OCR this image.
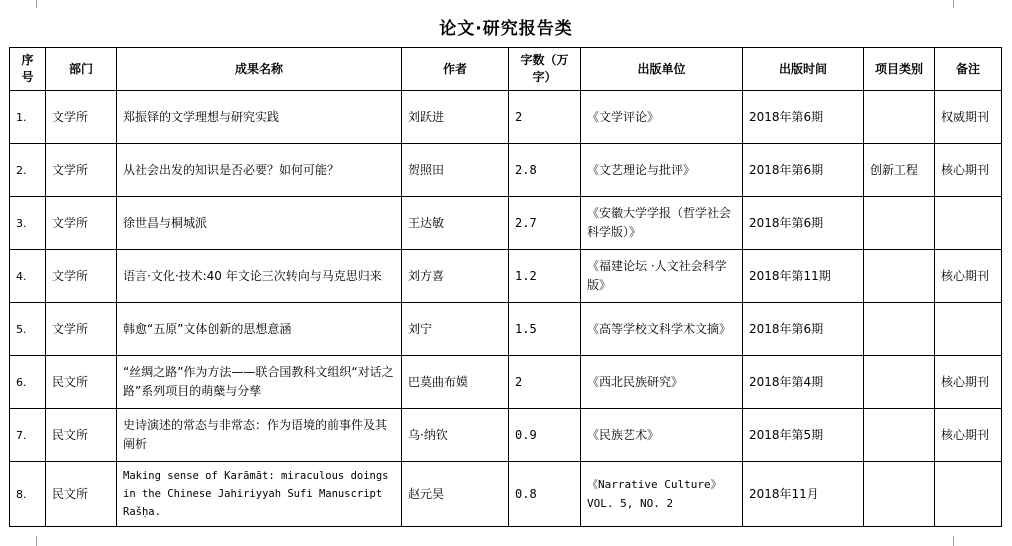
论文·研究报告类
序号	部门	成果名称	作者	字数（万字）	出版单位	出版时间	项目类别	备注
1.	文学所	郑振铎的文学理想与研究实践	刘跃进	2	《文学评论》	2018年第6期		权威期刊
2.	文学所	从社会出发的知识是否必要？如何可能？	贺照田	2.8	《文艺理论与批评》	2018年第6期	创新工程	核心期刊
3.	文学所	徐世昌与桐城派	王达敏	2.7	《安徽大学学报（哲学社会科学版）》	2018年第6期		
4.	文学所	语言·文化·技术:40 年文论三次转向与马克思归来	刘方喜	1.2	《福建论坛 ·人文社会科学版》	2018年第11期		核心期刊
5.	文学所	韩愈“五原”文体创新的思想意涵	刘宁	1.5	《高等学校文科学术文摘》	2018年第6期		
6.	民文所	“丝绸之路”作为方法——联合国教科文组织“对话之路”系列项目的萌蘖与分孳	巴莫曲布嫫	2	《西北民族研究》	2018年第4期		核心期刊
7.	民文所	史诗演述的常态与非常态：作为语境的前事件及其阐析	乌·纳钦	0.9	《民族艺术》	2018年第5期		核心期刊
8.	民文所	Making sense of Karāmāt: miraculous doings in the Chinese Jahiriyyah Sufi Manuscript Rašḥa.	赵元昊	0.8	《Narrative Culture》VOL. 5, NO. 2	2018年11月		
